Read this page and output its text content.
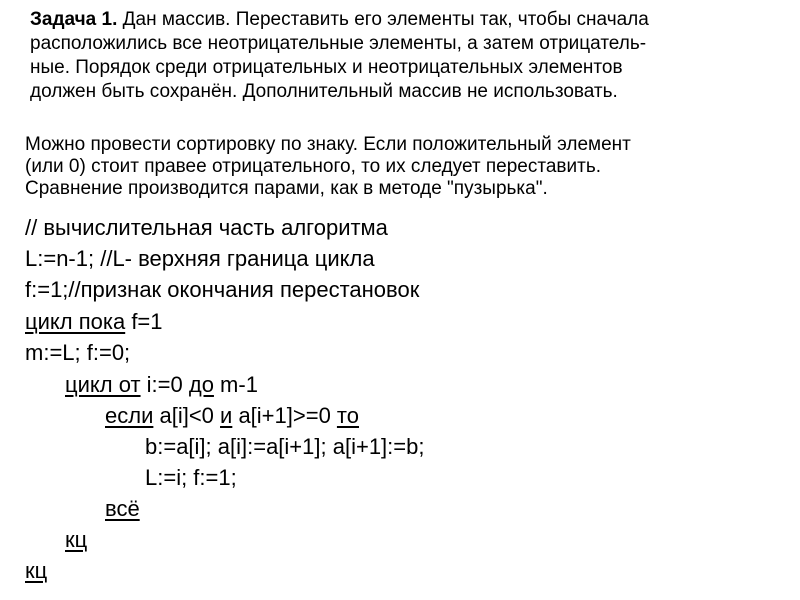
Задача 1. Дан массив. Переставить его элементы так, чтобы сначала
расположились все неотрицательные элементы, а затем отрицатель-
ные. Порядок среди отрицательных и неотрицательных элементов
должен быть сохранён. Дополнительный массив не использовать.
Можно провести сортировку по знаку. Если положительный элемент
(или 0) стоит правее отрицательного, то их следует переставить.
Сравнение производится парами, как в методе "пузырька".
// вычислительная часть алгоритма
L:=n-1; //L- верхняя граница цикла
f:=1;//признак окончания перестановок
цикл пока f=1
m:=L; f:=0;
цикл от i:=0 до m-1
если a[i]<0 и a[i+1]>=0 то
b:=a[i]; a[i]:=a[i+1]; a[i+1]:=b;
L:=i; f:=1;
всё
кц
кц
